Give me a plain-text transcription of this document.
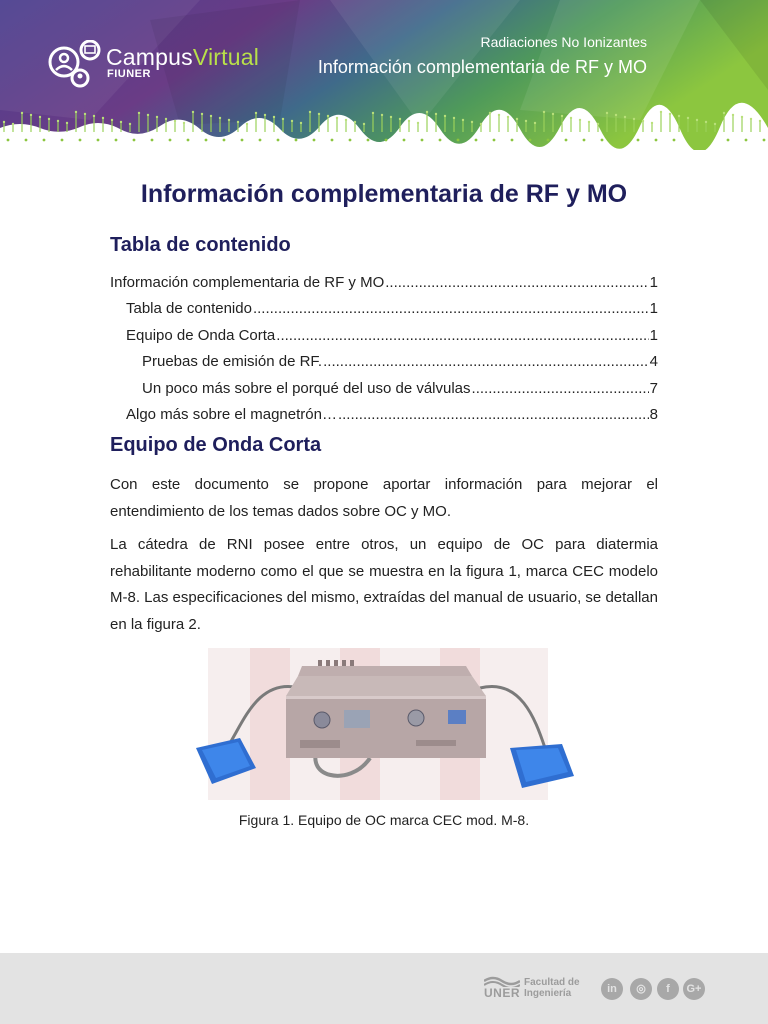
CampusVirtual
FIUNER
Radiaciones No Ionizantes
Información complementaria de RF y MO
Información complementaria de RF y MO
Tabla de contenido
Información complementaria de RF y MO .....	1
Tabla de contenido .....	1
Equipo de Onda Corta .....	1
Pruebas de emisión de RF. .....	4
Un poco más sobre el porqué del uso de válvulas .....	7
Algo más sobre el magnetrón… .....	8
Equipo de Onda Corta

Con este documento se propone aportar información para mejorar el entendimiento de los temas dados sobre OC y MO.

La cátedra de RNI posee entre otros, un equipo de OC para diatermia rehabilitante moderno como el que se muestra en la figura 1, marca CEC modelo M-8. Las especificaciones del mismo, extraídas del manual de usuario, se detallan en la figura 2.

Figura 1. Equipo de OC marca CEC mod. M-8.
UNER
Facultad de
Ingeniería	in	◎	f	G+
